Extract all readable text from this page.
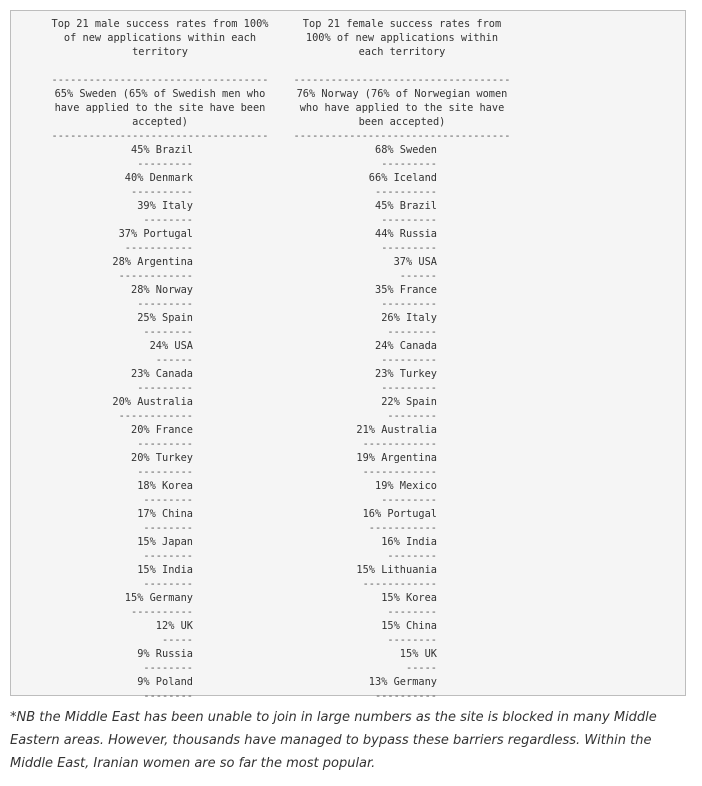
Top 21 male success rates from 100% of new applications within each territory
-----------------------------------
65% Sweden (65% of Swedish men who have applied to the site have been accepted)
-----------------------------------
45% Brazil
---------
40% Denmark
----------
39% Italy
--------
37% Portugal
-----------
28% Argentina
------------
28% Norway
---------
25% Spain
--------
24% USA
------
23% Canada
---------
20% Australia
------------
20% France
---------
20% Turkey
---------
18% Korea
--------
17% China
--------
15% Japan
--------
15% India
--------
15% Germany
----------
12% UK
-----
9% Russia
--------
9% Poland
--------
Top 21 female success rates from 100% of new applications within each territory
-----------------------------------
76% Norway (76% of Norwegian women who have applied to the site have been accepted)
-----------------------------------
68% Sweden
---------
66% Iceland
----------
45% Brazil
---------
44% Russia
---------
37% USA
------
35% France
---------
26% Italy
--------
24% Canada
---------
23% Turkey
---------
22% Spain
--------
21% Australia
------------
19% Argentina
------------
19% Mexico
---------
16% Portugal
-----------
16% India
--------
15% Lithuania
------------
15% Korea
--------
15% China
--------
15% UK
-----
13% Germany
----------
*NB the Middle East has been unable to join in large numbers as the site is blocked in many Middle Eastern areas. However, thousands have managed to bypass these barriers regardless. Within the Middle East, Iranian women are so far the most popular.
